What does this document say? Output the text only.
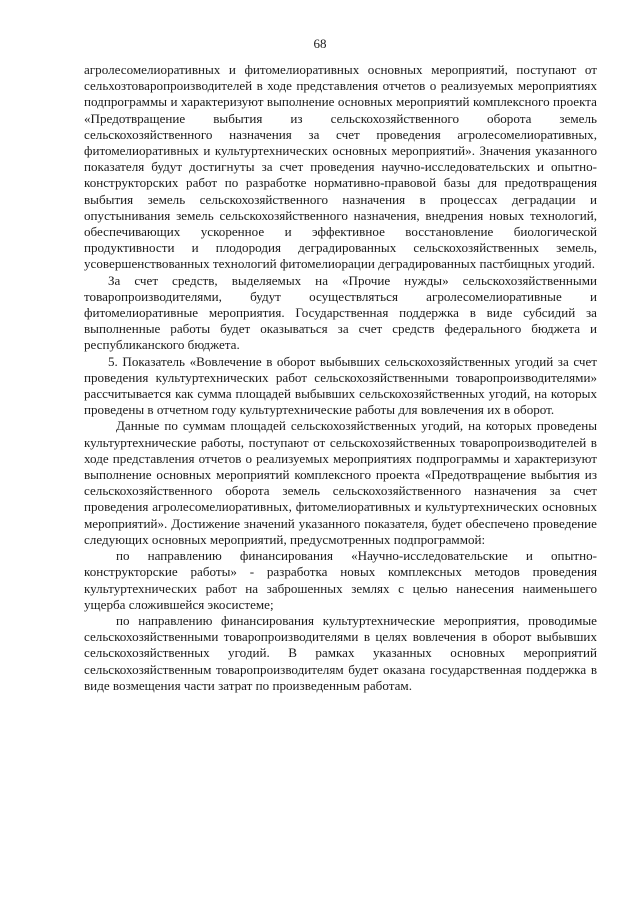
68

агролесомелиоративных и фитомелиоративных основных мероприятий, поступают от сельхозтоваропроизводителей в ходе представления отчетов о реализуемых мероприятиях подпрограммы и характеризуют выполнение основных мероприятий комплексного проекта «Предотвращение выбытия из сельскохозяйственного оборота земель сельскохозяйственного назначения за счет проведения агролесомелиоративных, фитомелиоративных и культуртехнических основных мероприятий». Значения указанного показателя будут достигнуты за счет проведения научно-исследовательских и опытно-конструкторских работ по разработке нормативно-правовой базы для предотвращения выбытия земель сельскохозяйственного назначения в процессах деградации и опустынивания земель сельскохозяйственного назначения, внедрения новых технологий, обеспечивающих ускоренное и эффективное восстановление биологической продуктивности и плодородия деградированных сельскохозяйственных земель, усовершенствованных технологий фитомелиорации деградированных пастбищных угодий.

За счет средств, выделяемых на «Прочие нужды» сельскохозяйственными товаропроизводителями, будут осуществляться агролесомелиоративные и фитомелиоративные мероприятия. Государственная поддержка в виде субсидий за выполненные работы будет оказываться за счет средств федерального бюджета и республиканского бюджета.

5. Показатель «Вовлечение в оборот выбывших сельскохозяйственных угодий за счет проведения культуртехнических работ сельскохозяйственными товаропроизводителями» рассчитывается как сумма площадей выбывших сельскохозяйственных угодий, на которых проведены в отчетном году культуртехнические работы для вовлечения их в оборот.

Данные по суммам площадей сельскохозяйственных угодий, на которых проведены культуртехнические работы, поступают от сельскохозяйственных товаропроизводителей в ходе представления отчетов о реализуемых мероприятиях подпрограммы и характеризуют выполнение основных мероприятий комплексного проекта «Предотвращение выбытия из сельскохозяйственного оборота земель сельскохозяйственного назначения за счет проведения агролесомелиоративных, фитомелиоративных и культуртехнических основных мероприятий». Достижение значений указанного показателя, будет обеспечено проведение следующих основных мероприятий, предусмотренных подпрограммой:

по направлению финансирования «Научно-исследовательские и опытно-конструкторские работы» - разработка новых комплексных методов проведения культуртехнических работ на заброшенных землях с целью нанесения наименьшего ущерба сложившейся экосистеме;

по направлению финансирования культуртехнические мероприятия, проводимые сельскохозяйственными товаропроизводителями в целях вовлечения в оборот выбывших сельскохозяйственных угодий. В рамках указанных основных мероприятий сельскохозяйственным товаропроизводителям будет оказана государственная поддержка в виде возмещения части затрат по произведенным работам.
